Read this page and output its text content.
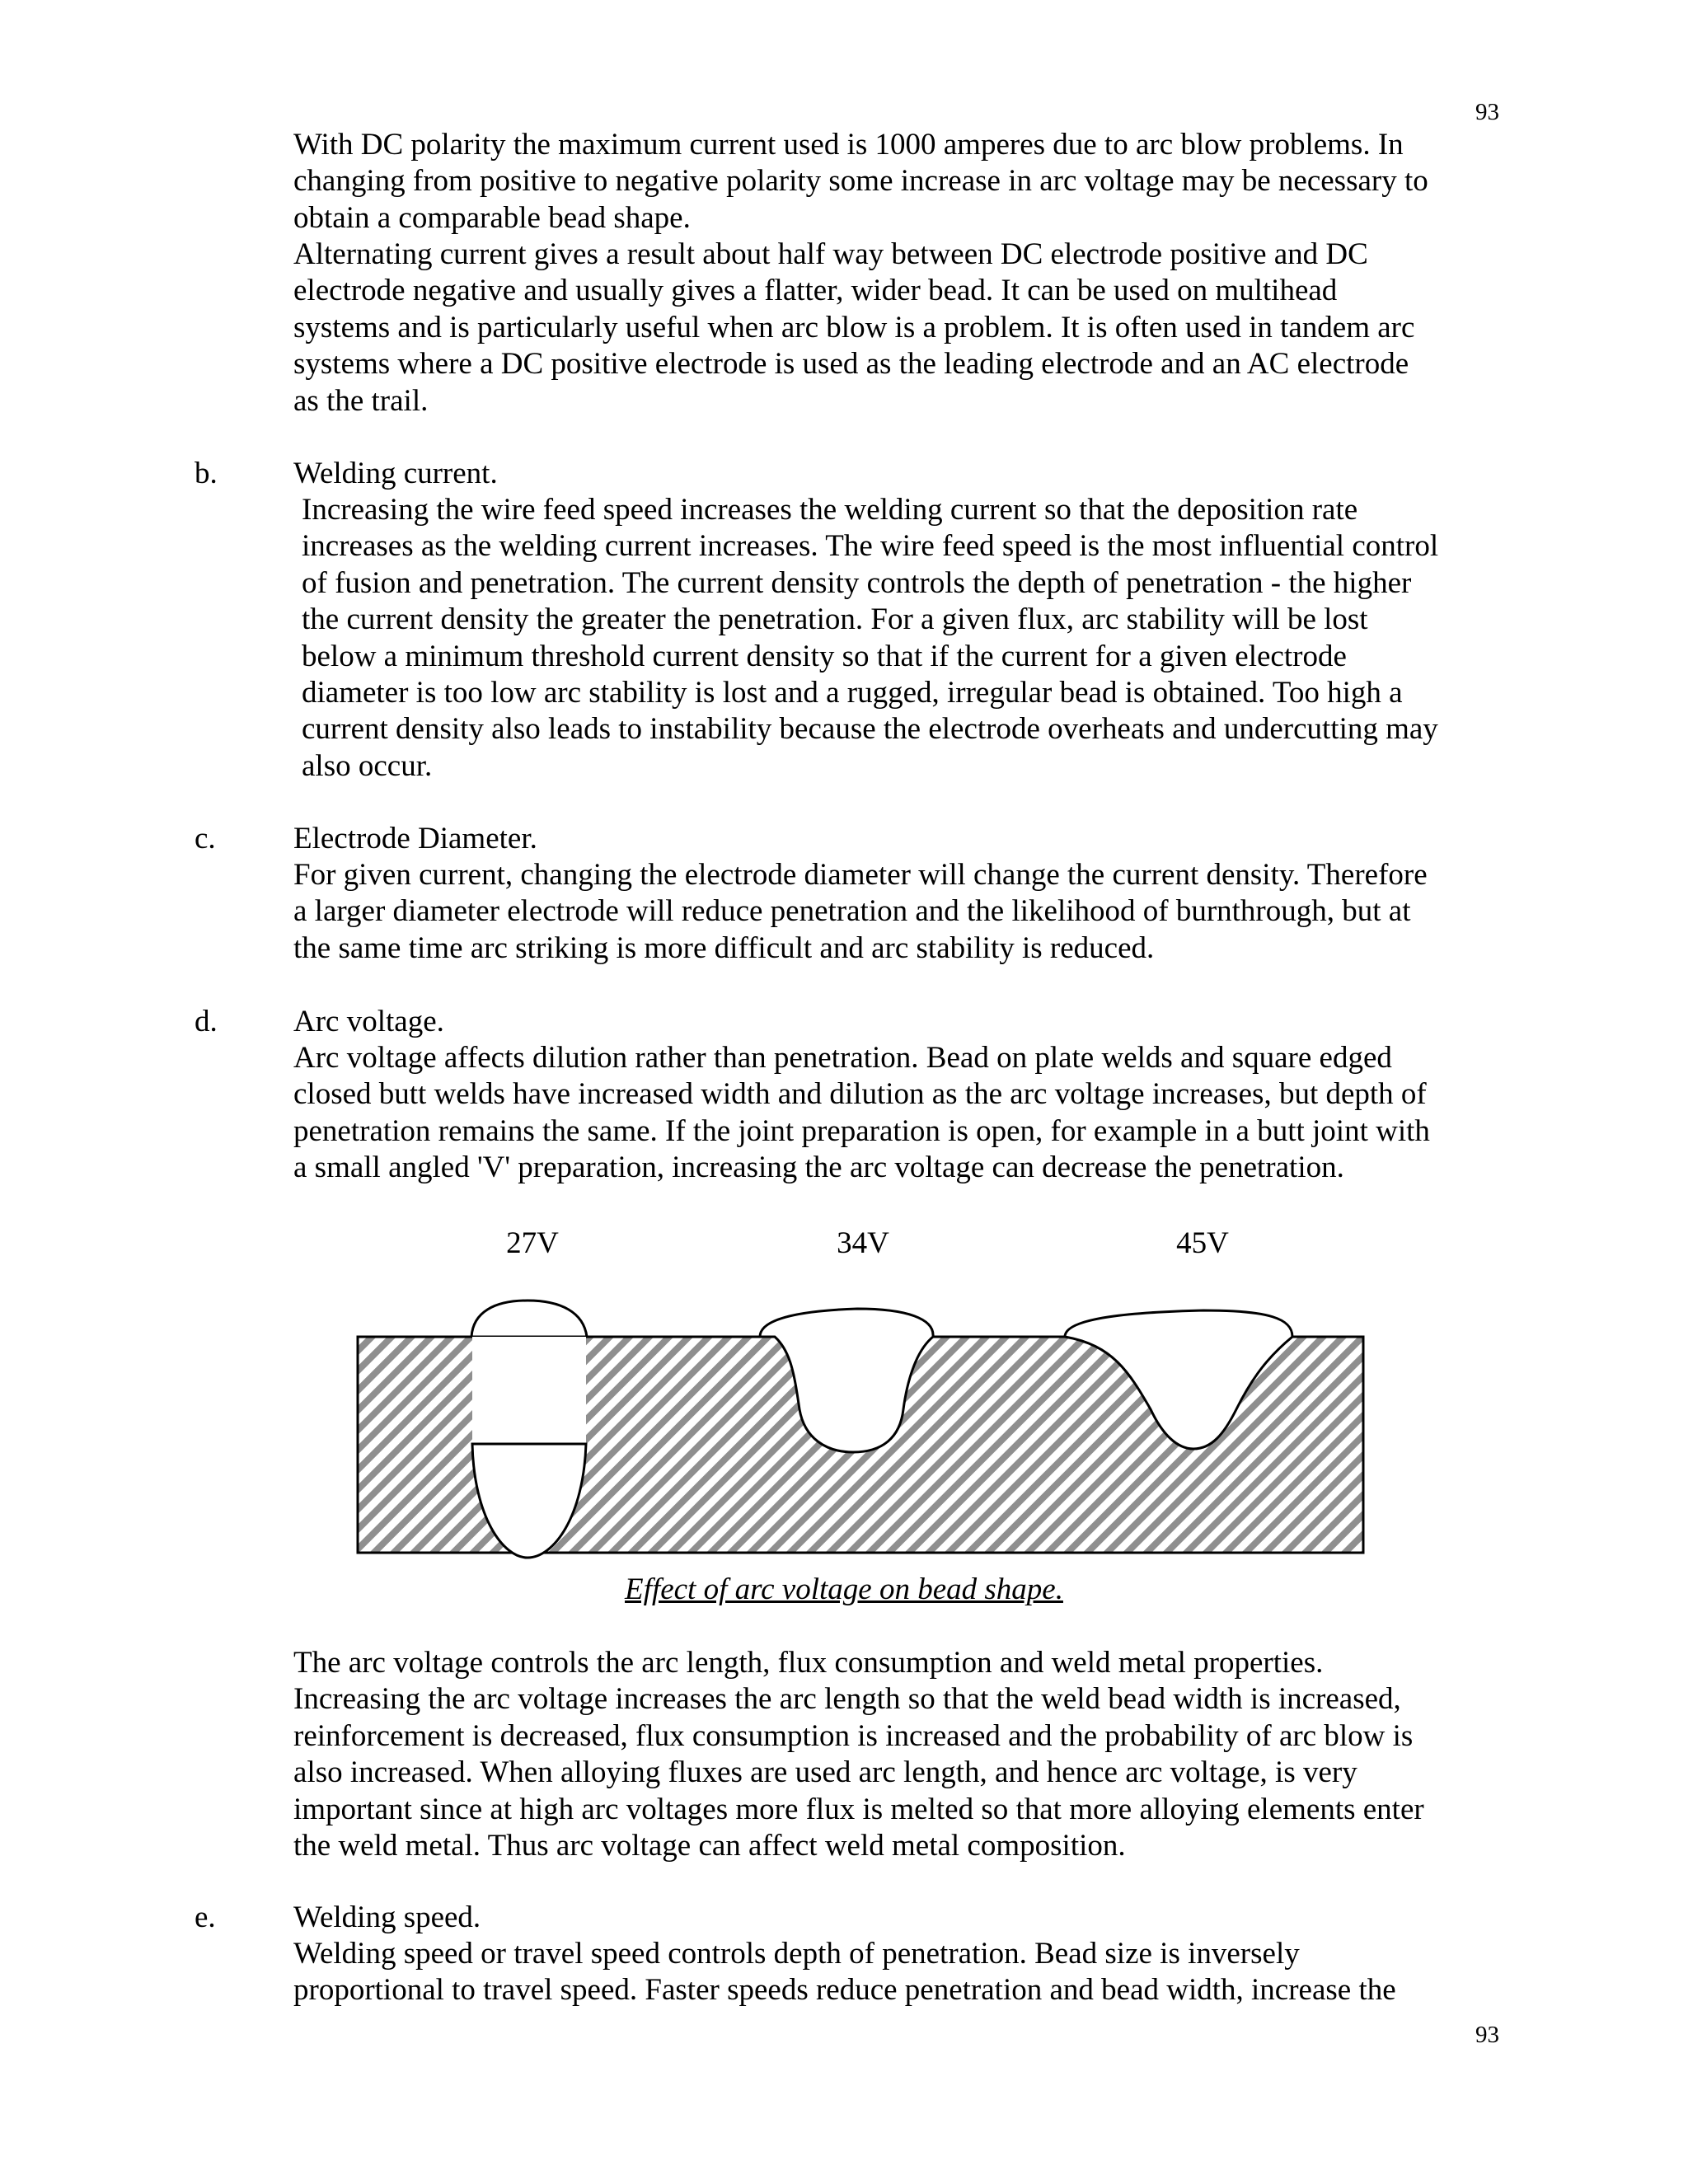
93
With DC polarity the maximum current used is 1000 amperes due to arc blow problems. In
changing from positive to negative polarity some increase in arc voltage may be necessary to
obtain a comparable bead shape.
Alternating current gives a result about half way between DC electrode positive and DC
electrode negative and usually gives a flatter, wider bead. It can be used on multihead
systems and is particularly useful when arc blow is a problem. It is often used in tandem arc
systems where a DC positive electrode is used as the leading electrode and an AC electrode
as the trail.
b. Welding current.
Increasing the wire feed speed increases the welding current so that the deposition rate
increases as the welding current increases. The wire feed speed is the most influential control
of fusion and penetration. The current density controls the depth of penetration - the higher
the current density the greater the penetration. For a given flux, arc stability will be lost
below a minimum threshold current density so that if the current for a given electrode
diameter is too low arc stability is lost and a rugged, irregular bead is obtained. Too high a
current density also leads to instability because the electrode overheats and undercutting may
also occur.
c.	Electrode Diameter.
For given current, changing the electrode diameter will change the current density. Therefore
a larger diameter electrode will reduce penetration and the likelihood of burnthrough, but at
the same time arc striking is more difficult and arc stability is reduced.
d. Arc voltage.
Arc voltage affects dilution rather than penetration. Bead on plate welds and square edged
closed butt welds have increased width and dilution as the arc voltage increases, but depth of
penetration remains the same. If the joint preparation is open, for example in a butt joint with
a small angled 'V' preparation, increasing the arc voltage can decrease the penetration.
27V	34V	45V
Effect of arc voltage on bead shape.
The arc voltage controls the arc length, flux consumption and weld metal properties.
Increasing the arc voltage increases the arc length so that the weld bead width is increased,
reinforcement is decreased, flux consumption is increased and the probability of arc blow is
also increased. When alloying fluxes are used arc length, and hence arc voltage, is very
important since at high arc voltages more flux is melted so that more alloying elements enter
the weld metal. Thus arc voltage can affect weld metal composition.
e.	Welding speed.
Welding speed or travel speed controls depth of penetration. Bead size is inversely
proportional to travel speed. Faster speeds reduce penetration and bead width, increase the
93
